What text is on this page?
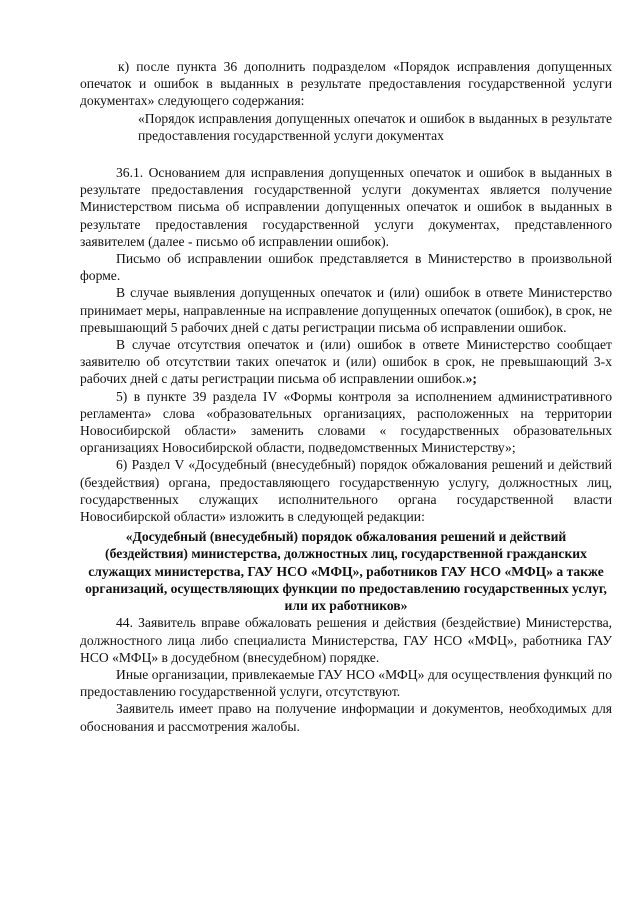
к) после пункта 36 дополнить подразделом «Порядок исправления допущенных опечаток и ошибок в выданных в результате предоставления государственной услуги документах» следующего содержания:

«Порядок исправления допущенных опечаток и ошибок в выданных в результате предоставления государственной услуги документах

36.1. Основанием для исправления допущенных опечаток и ошибок в выданных в результате предоставления государственной услуги документах является получение Министерством письма об исправлении допущенных опечаток и ошибок в выданных в результате предоставления государственной услуги документах, представленного заявителем (далее - письмо об исправлении ошибок).

Письмо об исправлении ошибок представляется в Министерство в произвольной форме.

В случае выявления допущенных опечаток и (или) ошибок в ответе Министерство принимает меры, направленные на исправление допущенных опечаток (ошибок), в срок, не превышающий 5 рабочих дней с даты регистрации письма об исправлении ошибок.

В случае отсутствия опечаток и (или) ошибок в ответе Министерство сообщает заявителю об отсутствии таких опечаток и (или) ошибок в срок, не превышающий 3-х рабочих дней с даты регистрации письма об исправлении ошибок.»;

5) в пункте 39 раздела IV «Формы контроля за исполнением административного регламента» слова «образовательных организациях, расположенных на территории Новосибирской области» заменить словами « государственных образовательных организациях Новосибирской области, подведомственных Министерству»;

6) Раздел V «Досудебный (внесудебный) порядок обжалования решений и действий (бездействия) органа, предоставляющего государственную услугу, должностных лиц, государственных служащих исполнительного органа государственной власти Новосибирской области» изложить в следующей редакции:

«Досудебный (внесудебный) порядок обжалования решений и действий (бездействия) министерства, должностных лиц, государственной гражданских служащих министерства, ГАУ НСО «МФЦ», работников ГАУ НСО «МФЦ» а также организаций, осуществляющих функции по предоставлению государственных услуг, или их работников»

44. Заявитель вправе обжаловать решения и действия (бездействие) Министерства, должностного лица либо специалиста Министерства, ГАУ НСО «МФЦ», работника ГАУ НСО «МФЦ» в досудебном (внесудебном) порядке.

Иные организации, привлекаемые ГАУ НСО «МФЦ» для осуществления функций по предоставлению государственной услуги, отсутствуют.

Заявитель имеет право на получение информации и документов, необходимых для обоснования и рассмотрения жалобы.
